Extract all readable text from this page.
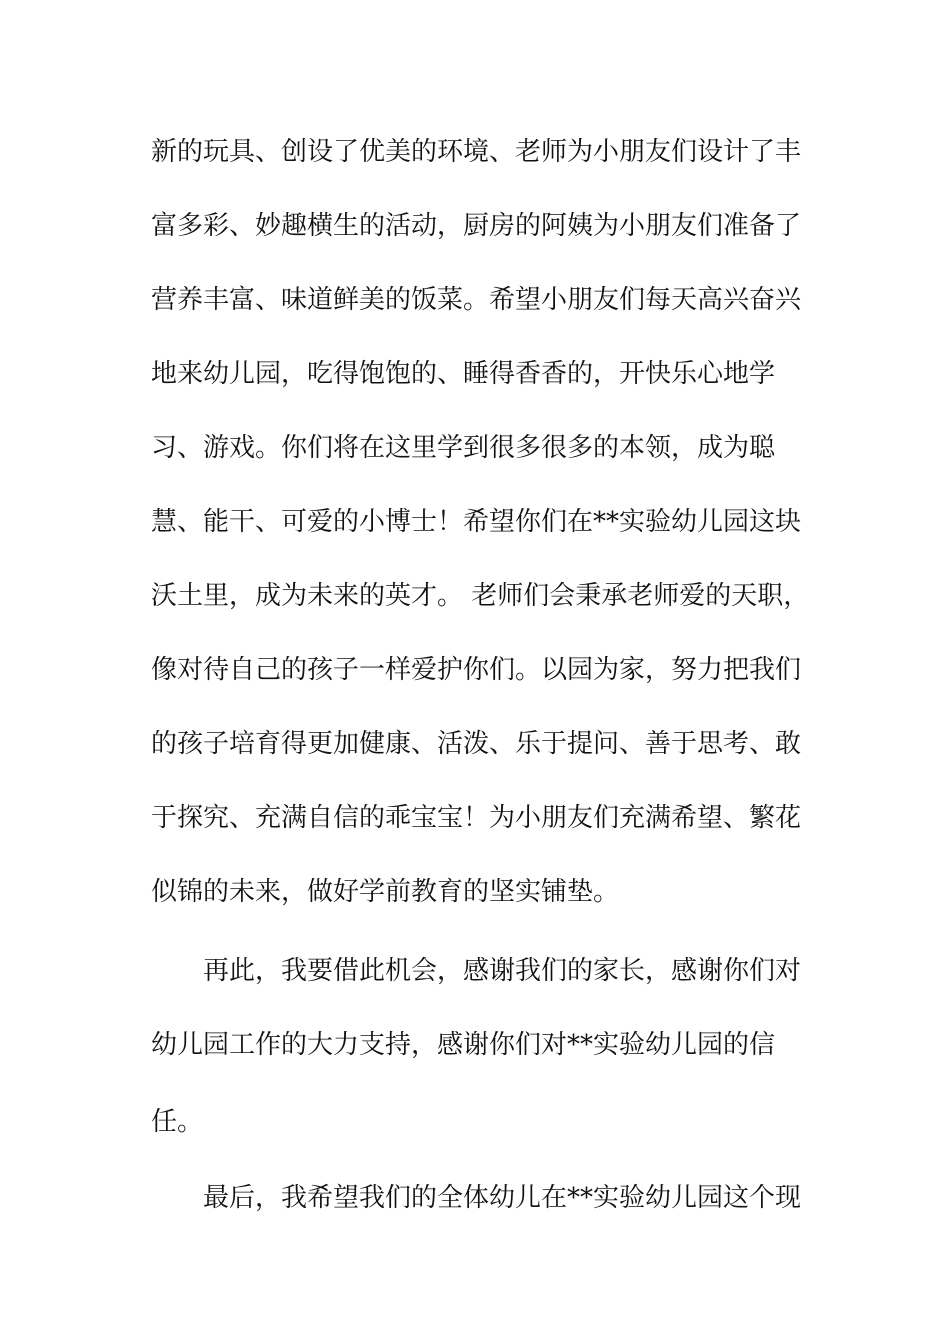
新的玩具、创设了优美的环境、老师为小朋友们设计了丰
富多彩、妙趣横生的活动，厨房的阿姨为小朋友们准备了
营养丰富、味道鲜美的饭菜。希望小朋友们每天高兴奋兴
地来幼儿园，吃得饱饱的、睡得香香的，开快乐心地学
习、游戏。你们将在这里学到很多很多的本领，成为聪
慧、能干、可爱的小博士！希望你们在**实验幼儿园这块
沃土里，成为未来的英才。 老师们会秉承老师爱的天职，
像对待自己的孩子一样爱护你们。以园为家，努力把我们
的孩子培育得更加健康、活泼、乐于提问、善于思考、敢
于探究、充满自信的乖宝宝！为小朋友们充满希望、繁花
似锦的未来，做好学前教育的坚实铺垫。
再此，我要借此机会，感谢我们的家长，感谢你们对
幼儿园工作的大力支持，感谢你们对**实验幼儿园的信
任。
最后，我希望我们的全体幼儿在**实验幼儿园这个现
